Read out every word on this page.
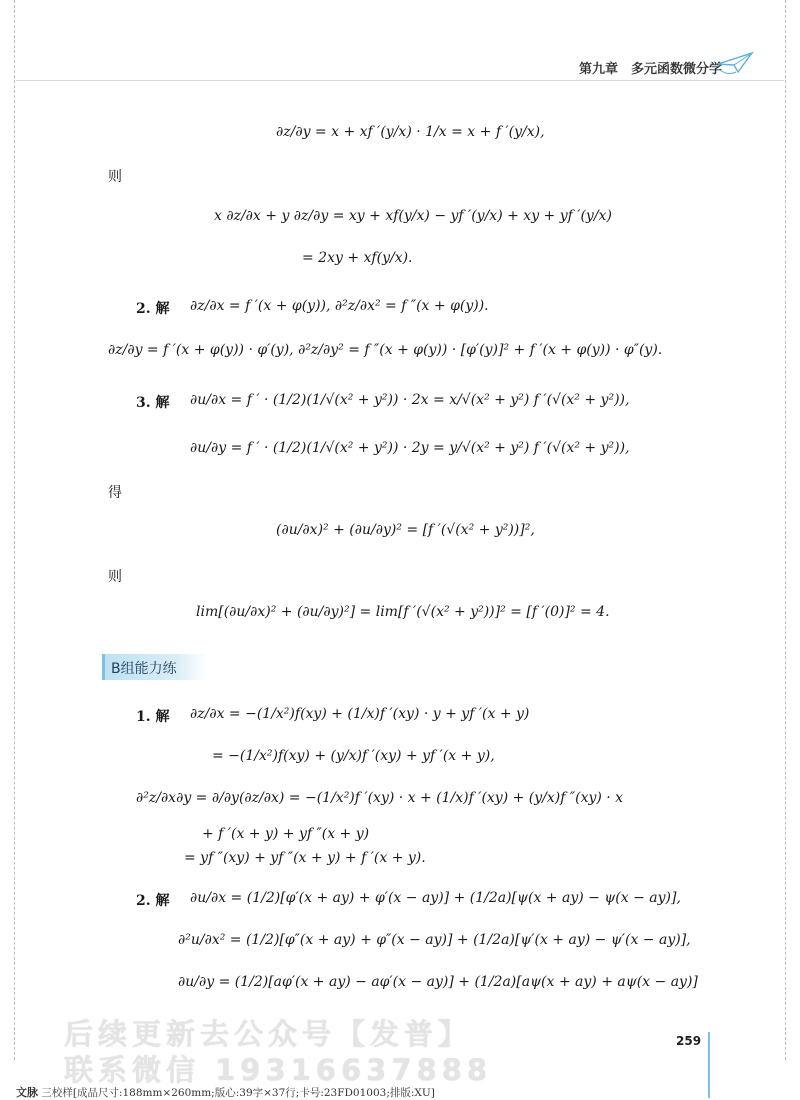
第九章　多元函数微分学
∂z/∂y = x + xf ′(y/x) · 1/x = x + f ′(y/x),
则
x ∂z/∂x + y ∂z/∂y = xy + xf(y/x) − yf ′(y/x) + xy + yf ′(y/x)
= 2xy + xf(y/x).
2. 解 ∂z/∂x = f ′(x + φ(y)), ∂²z/∂x² = f ″(x + φ(y)).
∂z/∂y = f ′(x + φ(y)) · φ′(y), ∂²z/∂y² = f ″(x + φ(y)) · [φ′(y)]² + f ′(x + φ(y)) · φ″(y).
3. 解 ∂u/∂x = f ′ · (1/2)(1/√(x² + y²)) · 2x = x/√(x² + y²) f ′(√(x² + y²)),
∂u/∂y = f ′ · (1/2)(1/√(x² + y²)) · 2y = y/√(x² + y²) f ′(√(x² + y²)),
得
(∂u/∂x)² + (∂u/∂y)² = [f ′(√(x² + y²))]²,
则
lim[(∂u/∂x)² + (∂u/∂y)²] = lim[f ′(√(x² + y²))]² = [f ′(0)]² = 4.
B组能力练
1. 解 ∂z/∂x = −(1/x²)f(xy) + (1/x)f ′(xy) · y + yf ′(x + y)
= −(1/x²)f(xy) + (y/x)f ′(xy) + yf ′(x + y),
∂²z/∂x∂y = ∂/∂y(∂z/∂x) = −(1/x²)f ′(xy) · x + (1/x)f ′(xy) + (y/x)f ″(xy) · x
+ f ′(x + y) + yf ″(x + y)
= yf ″(xy) + yf ″(x + y) + f ′(x + y).
2. 解 ∂u/∂x = (1/2)[φ′(x + ay) + φ′(x − ay)] + (1/2a)[ψ(x + ay) − ψ(x − ay)],
∂²u/∂x² = (1/2)[φ″(x + ay) + φ″(x − ay)] + (1/2a)[ψ′(x + ay) − ψ′(x − ay)],
∂u/∂y = (1/2)[aφ′(x + ay) − aφ′(x − ay)] + (1/2a)[aψ(x + ay) + aψ(x − ay)]
后续更新去公众号【发普】
联系微信 19316637888
259
文脉 三校样[成品尺寸:188mm×260mm;版心:39字×37行;卡号:23FD01003;排版:XU]
